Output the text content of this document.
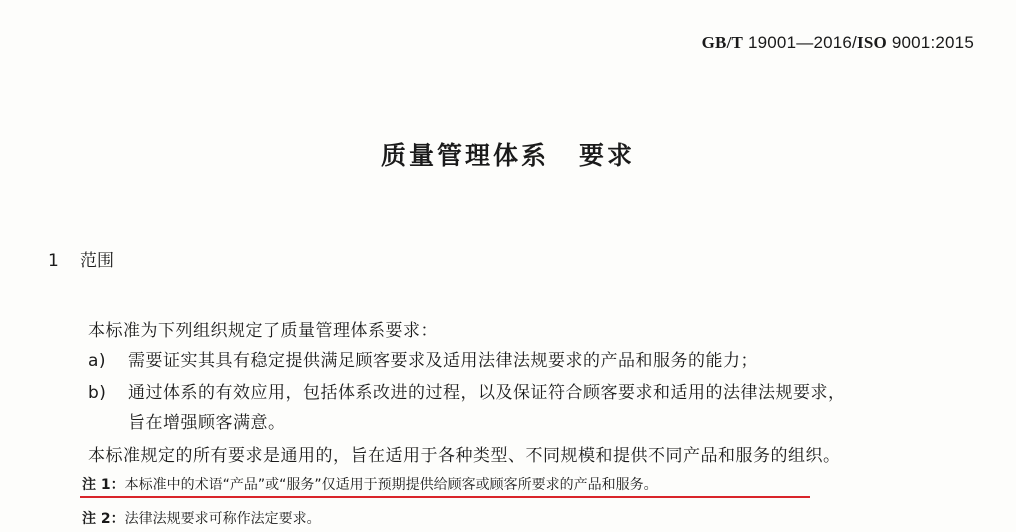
GB/T 19001—2016/ISO 9001:2015
质量管理体系 要求
1 范围
本标准为下列组织规定了质量管理体系要求：
a) 需要证实其具有稳定提供满足顾客要求及适用法律法规要求的产品和服务的能力；
b) 通过体系的有效应用，包括体系改进的过程，以及保证符合顾客要求和适用的法律法规要求，
旨在增强顾客满意。
本标准规定的所有要求是通用的，旨在适用于各种类型、不同规模和提供不同产品和服务的组织。
注 1：本标准中的术语“产品”或“服务”仅适用于预期提供给顾客或顾客所要求的产品和服务。
注 2：法律法规要求可称作法定要求。
